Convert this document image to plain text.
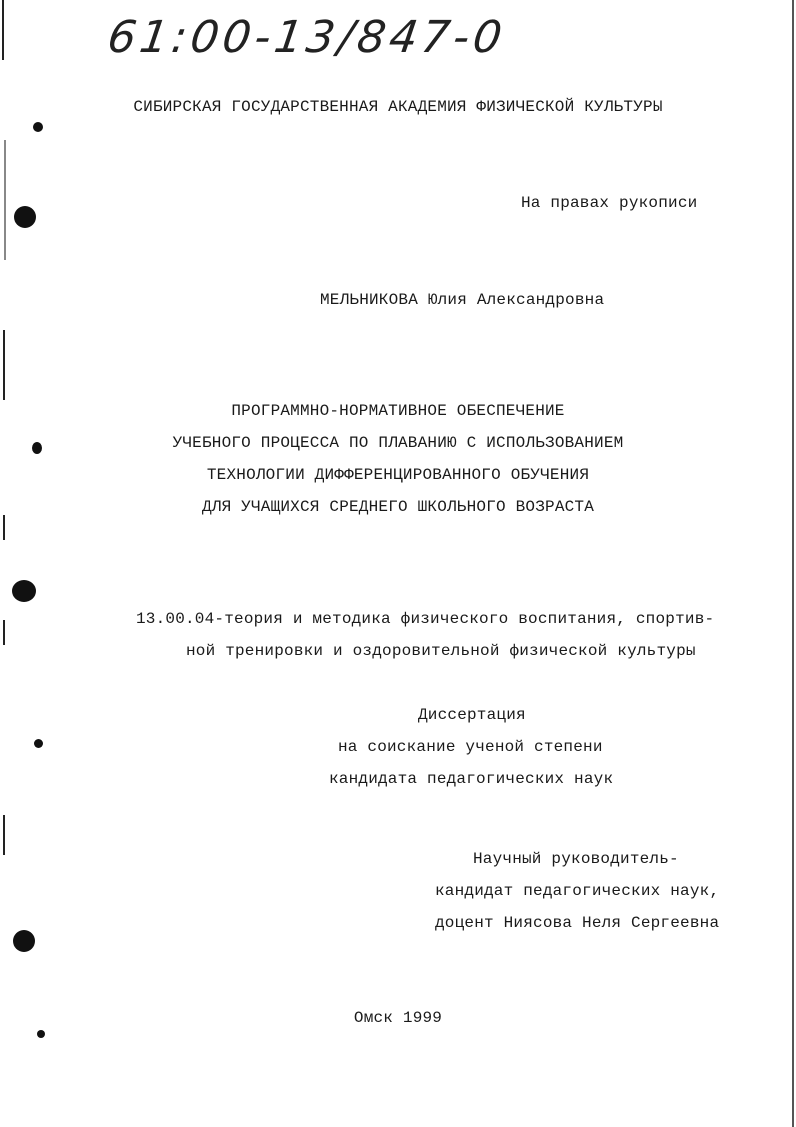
61:00-13/847-0
СИБИРСКАЯ ГОСУДАРСТВЕННАЯ АКАДЕМИЯ ФИЗИЧЕСКОЙ КУЛЬТУРЫ
На правах рукописи
МЕЛЬНИКОВА Юлия Александровна
ПРОГРАММНО-НОРМАТИВНОЕ ОБЕСПЕЧЕНИЕ
УЧЕБНОГО ПРОЦЕССА ПО ПЛАВАНИЮ С ИСПОЛЬЗОВАНИЕМ
ТЕХНОЛОГИИ ДИФФЕРЕНЦИРОВАННОГО ОБУЧЕНИЯ
ДЛЯ УЧАЩИХСЯ СРЕДНЕГО ШКОЛЬНОГО ВОЗРАСТА
13.00.04-теория и методика физического воспитания, спортив-
ной тренировки и оздоровительной физической культуры
Диссертация
на соискание ученой степени
кандидата педагогических наук
Научный руководитель-
кандидат педагогических наук,
доцент Ниясова Неля Сергеевна
Омск 1999
